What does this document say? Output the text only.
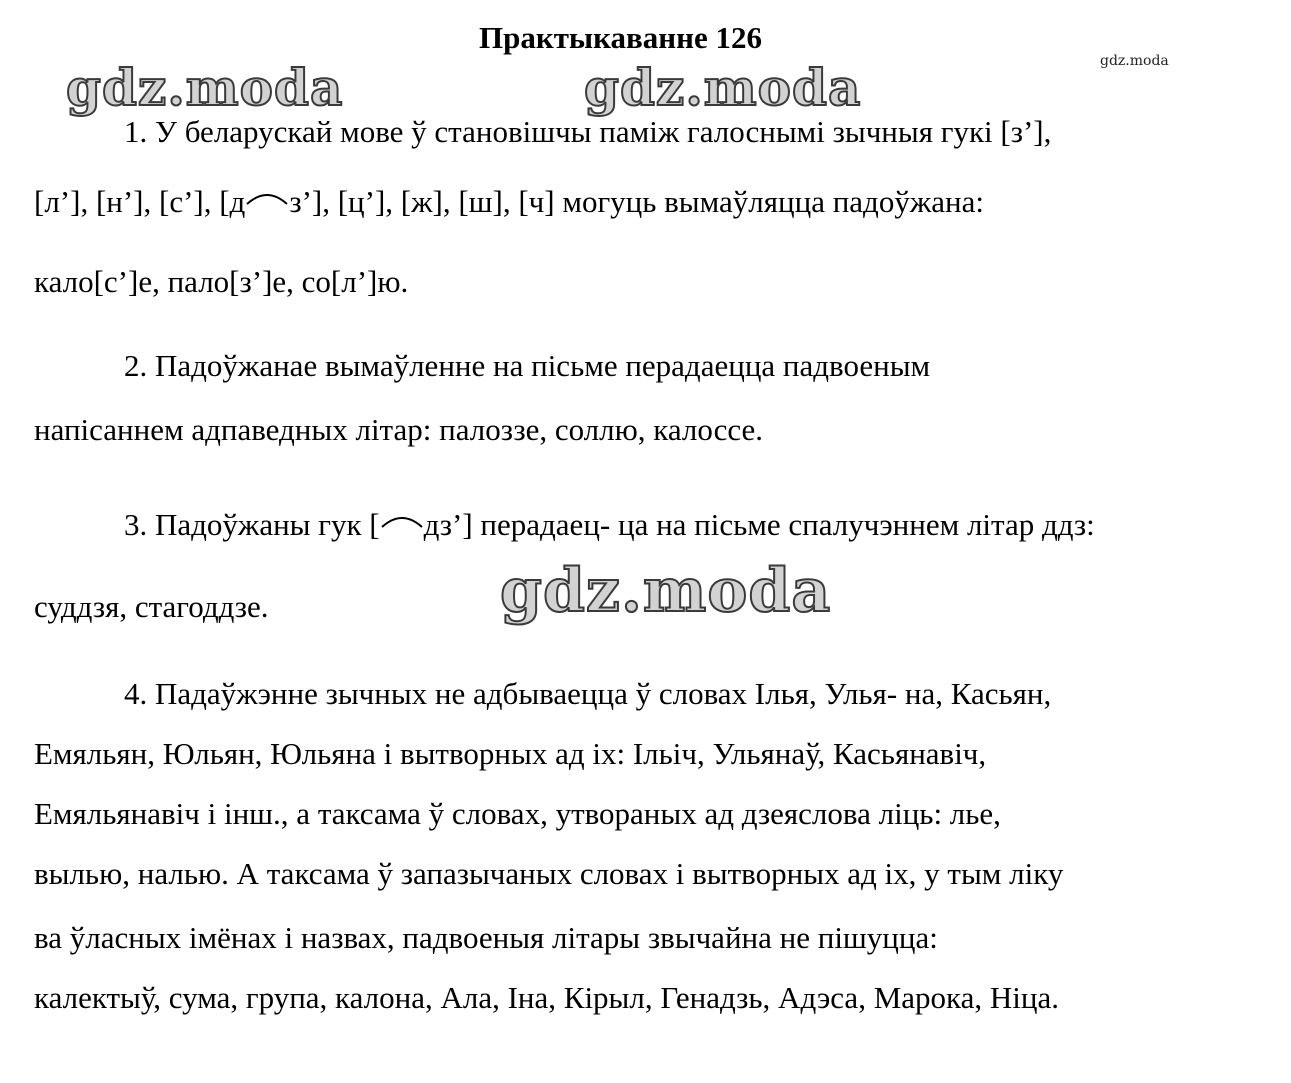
Практыкаванне 126
gdz.moda	gdz.moda	gdz.moda
1. У беларускай мове ў становішчы паміж галоснымі зычныя гукі [з’],
[л’], [н’], [с’], [д з’], [ц’], [ж], [ш], [ч] могуць вымаўляцца падоўжана:
кало[с’]е, пало[з’]е, со[л’]ю.
2. Падоўжанае вымаўленне на пісьме перадаецца падвоеным
напісаннем адпаведных літар: палоззе, соллю, калоссе.
3. Падоўжаны гук [ дз’] перадаец- ца на пісьме спалучэннем літар ддз:
суддзя, стагоддзе.	gdz.moda
4. Падаўжэнне зычных не адбываецца ў словах Ілья, Улья- на, Касьян,
Емяльян, Юльян, Юльяна і вытворных ад іх: Ільіч, Ульянаў, Касьянавіч,
Емяльянавіч і інш., а таксама ў словах, утвораных ад дзеяслова ліць: лье,
вылью, налью. А таксама ў запазычаных словах і вытворных ад іх, у тым ліку
ва ўласных імёнах і назвах, падвоеныя літары звычайна не пішуцца:
калектыў, сума, група, калона, Ала, Іна, Кірыл, Генадзь, Адэса, Марока, Ніца.
